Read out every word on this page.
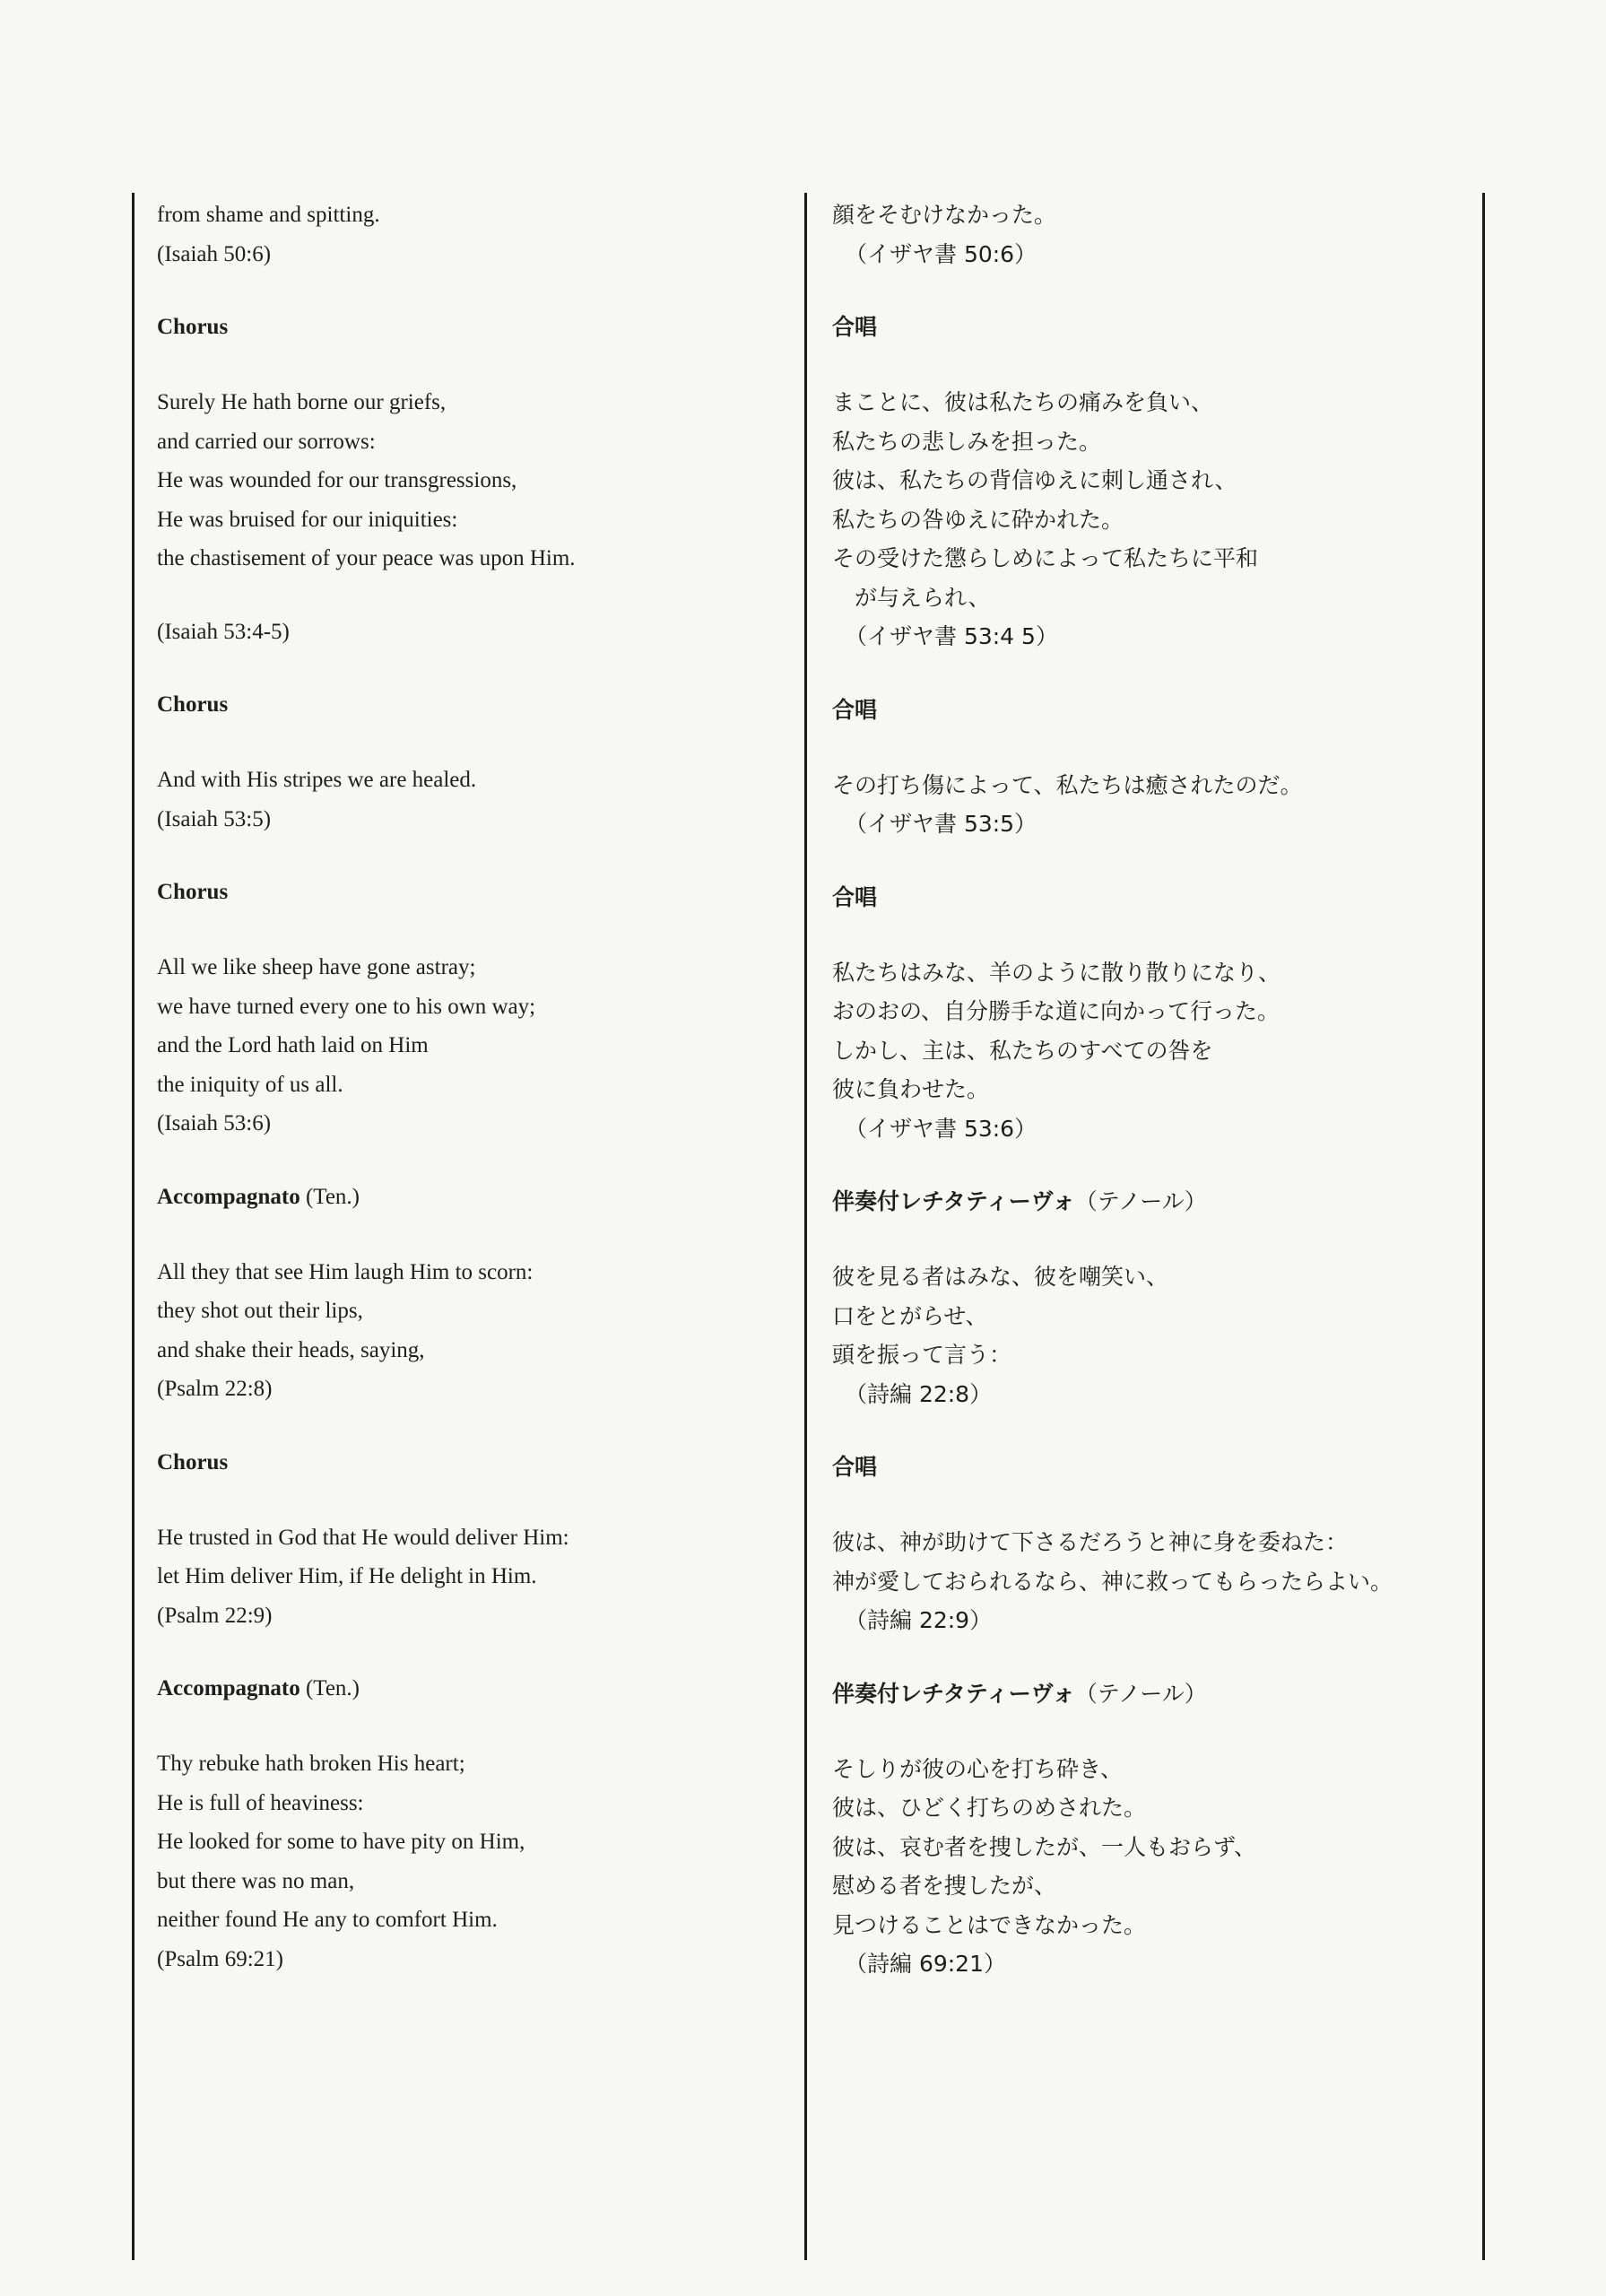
from shame and spitting.
(Isaiah 50:6)
Chorus
Surely He hath borne our griefs,
and carried our sorrows:
He was wounded for our transgressions,
He was bruised for our iniquities:
the chastisement of your peace was upon Him.
(Isaiah 53:4-5)
Chorus
And with His stripes we are healed.
(Isaiah 53:5)
Chorus
All we like sheep have gone astray;
we have turned every one to his own way;
and the Lord hath laid on Him
the iniquity of us all.
(Isaiah 53:6)
Accompagnato (Ten.)
All they that see Him laugh Him to scorn:
they shot out their lips,
and shake their heads, saying,
(Psalm 22:8)
Chorus
He trusted in God that He would deliver Him:
let Him deliver Him, if He delight in Him.
(Psalm 22:9)
Accompagnato (Ten.)
Thy rebuke hath broken His heart;
He is full of heaviness:
He looked for some to have pity on Him,
but there was no man,
neither found He any to comfort Him.
(Psalm 69:21)
顔をそむけなかった。
（イザヤ書 50:6）
合唱
まことに、彼は私たちの痛みを負い、
私たちの悲しみを担った。
彼は、私たちの背信ゆえに刺し通され、
私たちの咎ゆえに砕かれた。
その受けた懲らしめによって私たちに平和
　が与えられ、
（イザヤ書 53:4 5）
合唱
その打ち傷によって、私たちは癒されたのだ。
（イザヤ書 53:5）
合唱
私たちはみな、羊のように散り散りになり、
おのおの、自分勝手な道に向かって行った。
しかし、主は、私たちのすべての咎を
彼に負わせた。
（イザヤ書 53:6）
伴奏付レチタティーヴォ（テノール）
彼を見る者はみな、彼を嘲笑い、
口をとがらせ、
頭を振って言う：
（詩編 22:8）
合唱
彼は、神が助けて下さるだろうと神に身を委ねた：
神が愛しておられるなら、神に救ってもらったらよい。
（詩編 22:9）
伴奏付レチタティーヴォ（テノール）
そしりが彼の心を打ち砕き、
彼は、ひどく打ちのめされた。
彼は、哀む者を捜したが、一人もおらず、
慰める者を捜したが、
見つけることはできなかった。
（詩編 69:21）
